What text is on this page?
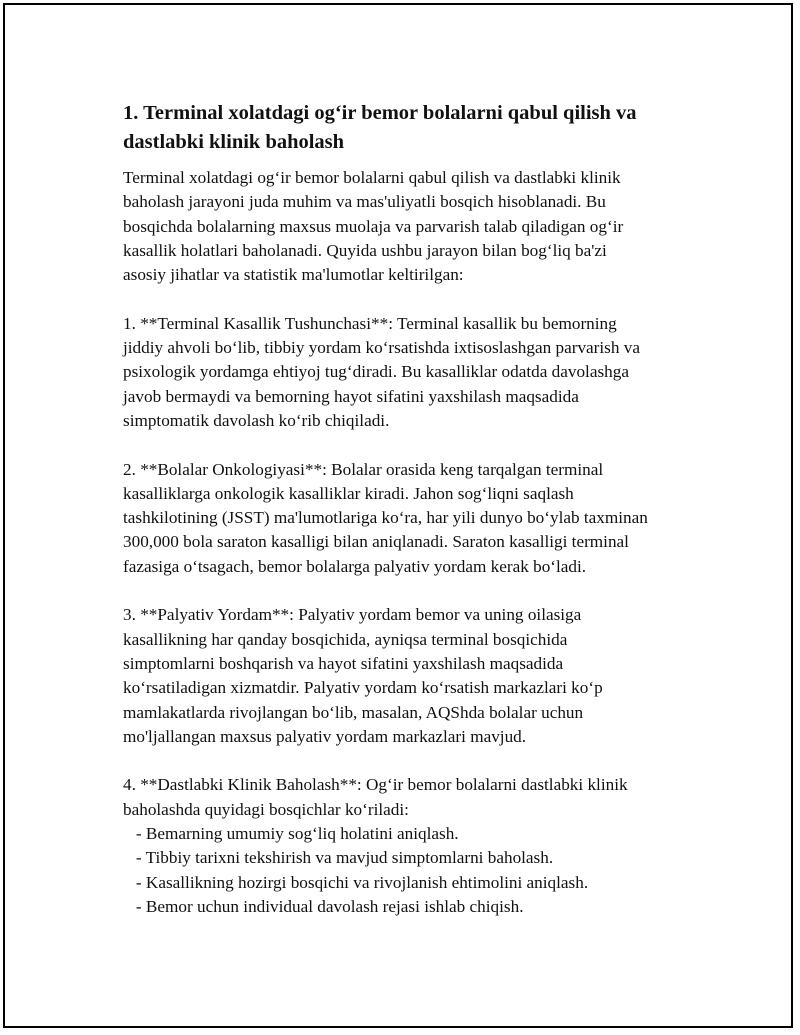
1. Terminal xolatdagi og‘ir bemor bolalarni qabul qilish va
dastlabki klinik baholash

Terminal xolatdagi og‘ir bemor bolalarni qabul qilish va dastlabki klinik
baholash jarayoni juda muhim va mas'uliyatli bosqich hisoblanadi. Bu
bosqichda bolalarning maxsus muolaja va parvarish talab qiladigan og‘ir
kasallik holatlari baholanadi. Quyida ushbu jarayon bilan bog‘liq ba'zi
asosiy jihatlar va statistik ma'lumotlar keltirilgan:

1. **Terminal Kasallik Tushunchasi**: Terminal kasallik bu bemorning
jiddiy ahvoli bo‘lib, tibbiy yordam ko‘rsatishda ixtisoslashgan parvarish va
psixologik yordamga ehtiyoj tug‘diradi. Bu kasalliklar odatda davolashga
javob bermaydi va bemorning hayot sifatini yaxshilash maqsadida
simptomatik davolash ko‘rib chiqiladi.

2. **Bolalar Onkologiyasi**: Bolalar orasida keng tarqalgan terminal
kasalliklarga onkologik kasalliklar kiradi. Jahon sog‘liqni saqlash
tashkilotining (JSST) ma'lumotlariga ko‘ra, har yili dunyo bo‘ylab taxminan
300,000 bola saraton kasalligi bilan aniqlanadi. Saraton kasalligi terminal
fazasiga o‘tsagach, bemor bolalarga palyativ yordam kerak bo‘ladi.

3. **Palyativ Yordam**: Palyativ yordam bemor va uning oilasiga
kasallikning har qanday bosqichida, ayniqsa terminal bosqichida
simptomlarni boshqarish va hayot sifatini yaxshilash maqsadida
ko‘rsatiladigan xizmatdir. Palyativ yordam ko‘rsatish markazlari ko‘p
mamlakatlarda rivojlangan bo‘lib, masalan, AQShda bolalar uchun
mo'ljallangan maxsus palyativ yordam markazlari mavjud.

4. **Dastlabki Klinik Baholash**: Og‘ir bemor bolalarni dastlabki klinik
baholashda quyidagi bosqichlar ko‘riladi:
- Bemarning umumiy sog‘liq holatini aniqlash.
- Tibbiy tarixni tekshirish va mavjud simptomlarni baholash.
- Kasallikning hozirgi bosqichi va rivojlanish ehtimolini aniqlash.
- Bemor uchun individual davolash rejasi ishlab chiqish.
